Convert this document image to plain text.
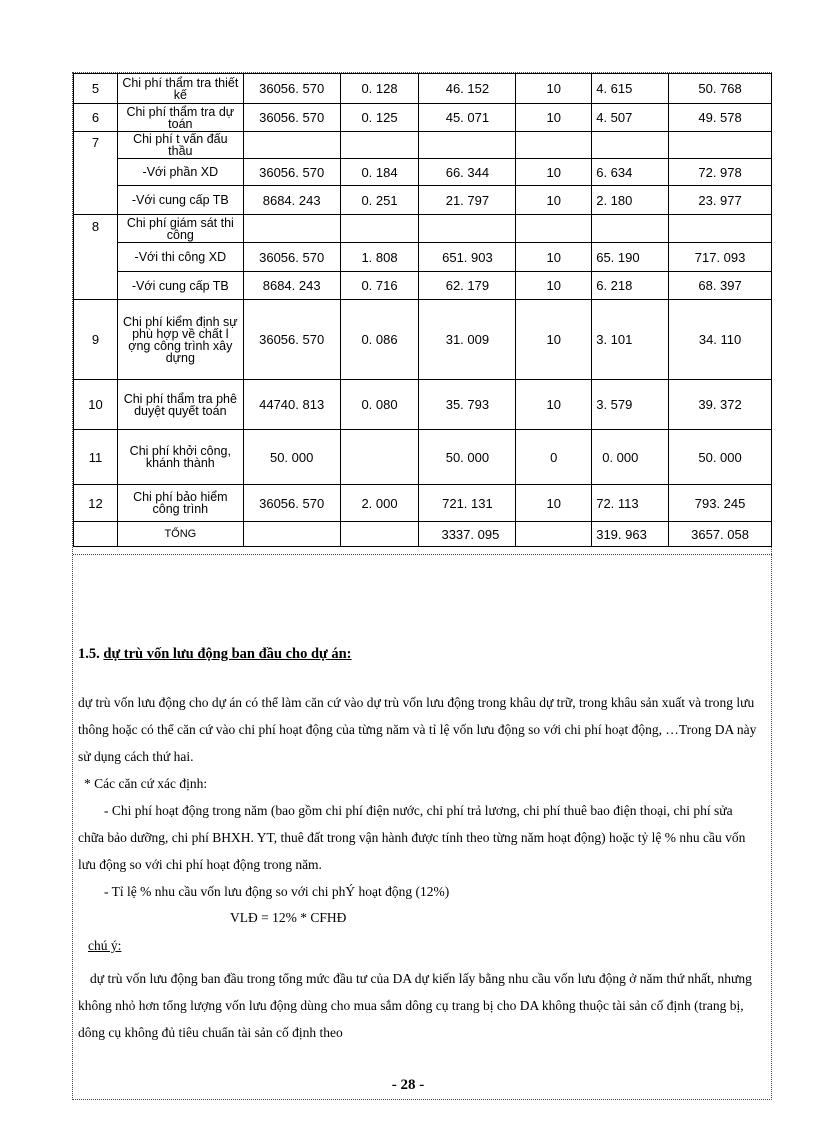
5	Chi phí thẩm tra thiết kế	36056. 570	0. 128	46. 152	10	4. 615	50. 768
6	Chi phí thẩm tra dự toán	36056. 570	0. 125	45. 071	10	4. 507	49. 578
7	Chi phí t vấn đấu thầu						
	-Với phần XD	36056. 570	0. 184	66. 344	10	6. 634	72. 978
	-Với cung cấp TB	8684. 243	0. 251	21. 797	10	2. 180	23. 977
8	Chi phí giám sát thi công						
	-Với thi công XD	36056. 570	1. 808	651. 903	10	65. 190	717. 093
	-Với cung cấp TB	8684. 243	0. 716	62. 179	10	6. 218	68. 397
9	Chi phí kiểm định sự phù hợp về chất l ợng công trình xây dựng	36056. 570	0. 086	31. 009	10	3. 101	34. 110
10	Chi phí thẩm tra phê duyệt quyết toán	44740. 813	0. 080	35. 793	10	3. 579	39. 372
11	Chi phí khởi công, khánh thành	50. 000		50. 000	0	0. 000	50. 000
12	Chi phí bảo hiểm công trình	36056. 570	2. 000	721. 131	10	72. 113	793. 245
	TỔNG			3337. 095		319. 963	3657. 058
1.5. dự trù vốn lưu động ban đầu cho dự án:
dự trù vốn lưu động cho dự án có thể làm căn cứ vào dự trù vốn lưu động trong khâu dự trữ, trong khâu sản xuất và trong lưu thông hoặc có thể căn cứ vào chi phí hoạt động của từng năm và tỉ lệ vốn lưu động so với chi phí hoạt động, …Trong DA này sử dụng cách thứ hai.
* Các căn cứ xác định:
- Chi phí hoạt động trong năm (bao gồm chi phí điện nước, chi phí trả lương, chi phí thuê bao điện thoại, chi phí sửa chữa bảo dưỡng, chi phí BHXH. YT, thuê đất trong vận hành được tính theo từng năm hoạt động) hoặc tỷ lệ % nhu cầu vốn lưu động so với chi phí hoạt động trong năm.
- Tỉ lệ % nhu cầu vốn lưu động so với chi phÝ hoạt động (12%)
VLĐ = 12% * CFHĐ
chú ý:
dự trù vốn lưu động ban đầu trong tổng mức đầu tư của DA dự kiến lấy bằng nhu cầu vốn lưu động ở năm thứ nhất, nhưng không nhỏ hơn tổng lượng vốn lưu động dùng cho mua sắm dông cụ trang bị cho DA không thuộc tài sản cố định (trang bị, dông cụ không đủ tiêu chuẩn tài sản cố định theo
- 28 -
